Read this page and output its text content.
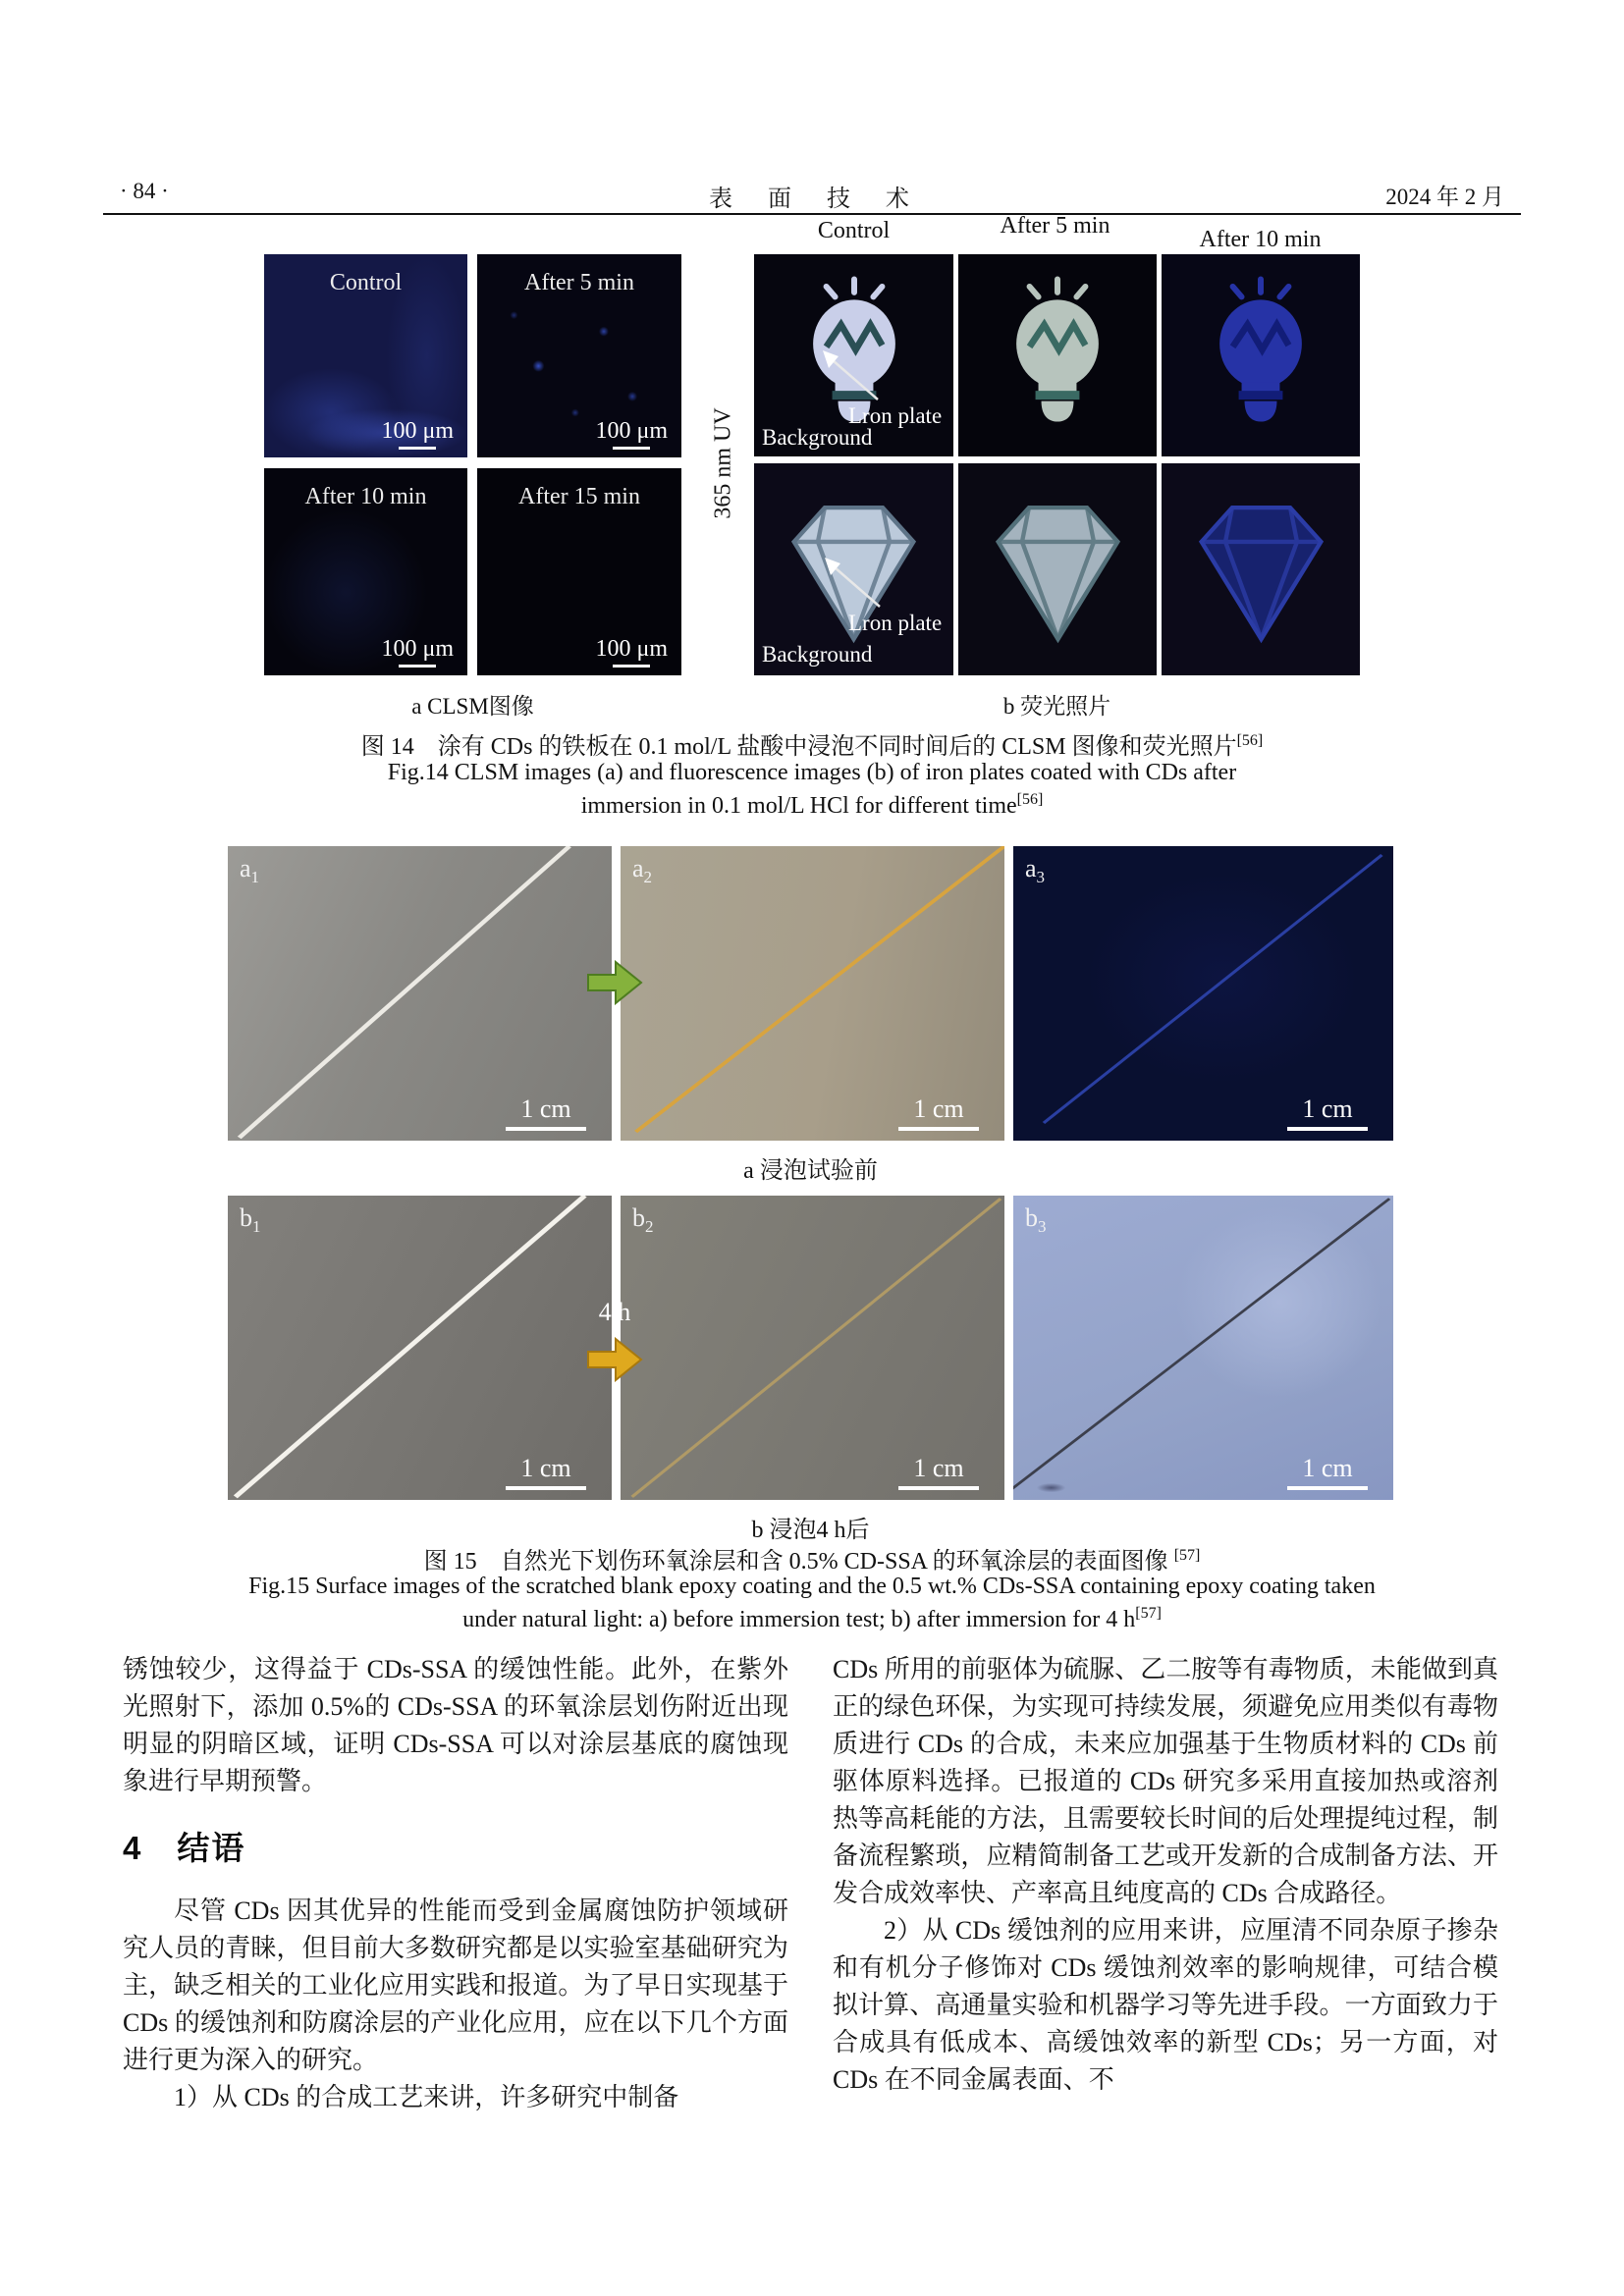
· 84 ·	表　面　技　术	2024 年 2 月
Control
100 μm
After 5 min
100 μm
After 10 min
100 μm
After 15 min
100 μm
Control	After 5 min
After 10 min
365 nm UV	Lron plate
Background
Lron plate
Background
a CLSM图像	b 荧光照片
图 14　涂有 CDs 的铁板在 0.1 mol/L 盐酸中浸泡不同时间后的 CLSM 图像和荧光照片[56]
Fig.14 CLSM images (a) and fluorescence images (b) of iron plates coated with CDs after
immersion in 0.1 mol/L HCl for different time[56]
$a_1$
1 cm
$a_2$
1 cm
$a_3$
1 cm
a 浸泡试验前
$b_1$
1 cm
$b_2$
1 cm
$b_3$
1 cm
4 h
b 浸泡4 h后
图 15　自然光下划伤环氧涂层和含 0.5% CD-SSA 的环氧涂层的表面图像 [57]
Fig.15 Surface images of the scratched blank epoxy coating and the 0.5 wt.% CDs-SSA containing epoxy coating taken
under natural light: a) before immersion test; b) after immersion for 4 h[57]

锈蚀较少，这得益于 CDs-SSA 的缓蚀性能。此外，在紫外光照射下，添加 0.5%的 CDs-SSA 的环氧涂层划伤附近出现明显的阴暗区域，证明 CDs-SSA 可以对涂层基底的腐蚀现象进行早期预警。

4　结语

尽管 CDs 因其优异的性能而受到金属腐蚀防护领域研究人员的青睐，但目前大多数研究都是以实验室基础研究为主，缺乏相关的工业化应用实践和报道。为了早日实现基于 CDs 的缓蚀剂和防腐涂层的产业化应用，应在以下几个方面进行更为深入的研究。

1）从 CDs 的合成工艺来讲，许多研究中制备

CDs 所用的前驱体为硫脲、乙二胺等有毒物质，未能做到真正的绿色环保，为实现可持续发展，须避免应用类似有毒物质进行 CDs 的合成，未来应加强基于生物质材料的 CDs 前驱体原料选择。已报道的 CDs 研究多采用直接加热或溶剂热等高耗能的方法，且需要较长时间的后处理提纯过程，制备流程繁琐，应精简制备工艺或开发新的合成制备方法、开发合成效率快、产率高且纯度高的 CDs 合成路径。

2）从 CDs 缓蚀剂的应用来讲，应厘清不同杂原子掺杂和有机分子修饰对 CDs 缓蚀剂效率的影响规律，可结合模拟计算、高通量实验和机器学习等先进手段。一方面致力于合成具有低成本、高缓蚀效率的新型 CDs；另一方面，对 CDs 在不同金属表面、不
